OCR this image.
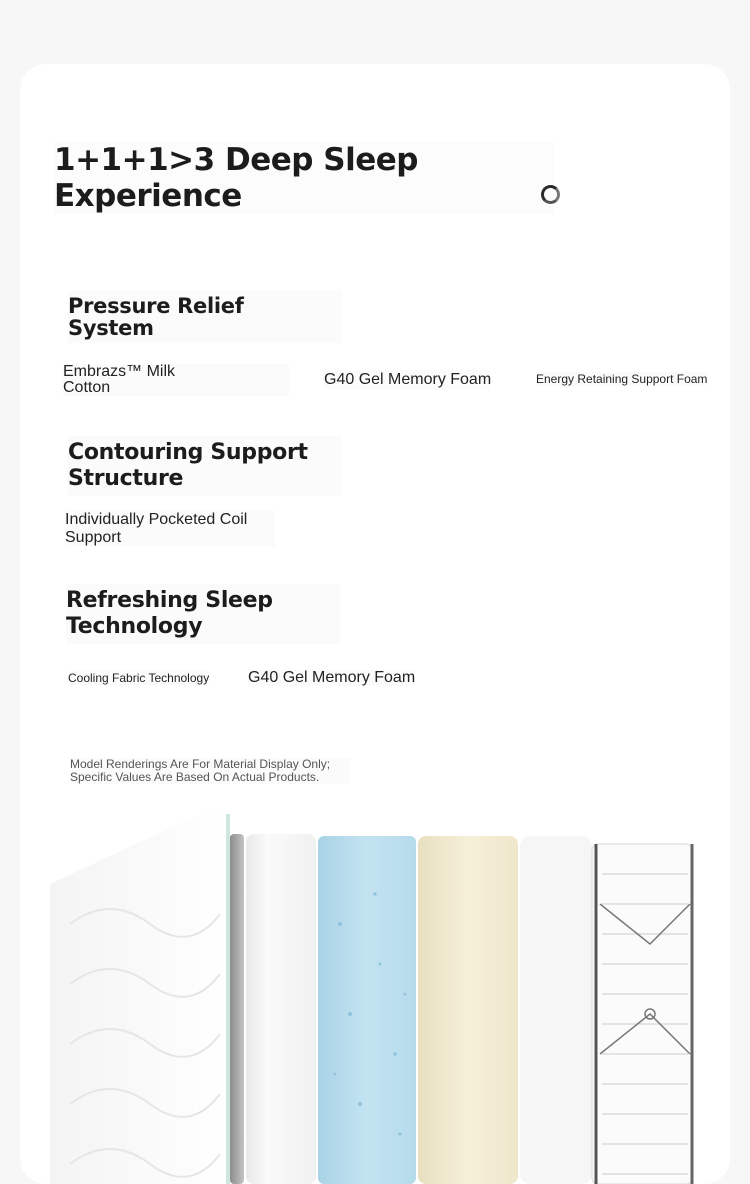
1+1+1>3 Deep Sleep
Experience
Pressure Relief
System
Embrazs™ Milk
Cotton	G40 Gel Memory Foam	Energy Retaining Support Foam
Contouring Support
Structure
Individually Pocketed Coil
Support
Refreshing Sleep
Technology
Cooling Fabric Technology G40 Gel Memory Foam
Model Renderings Are For Material Display Only;
Specific Values Are Based On Actual Products.
